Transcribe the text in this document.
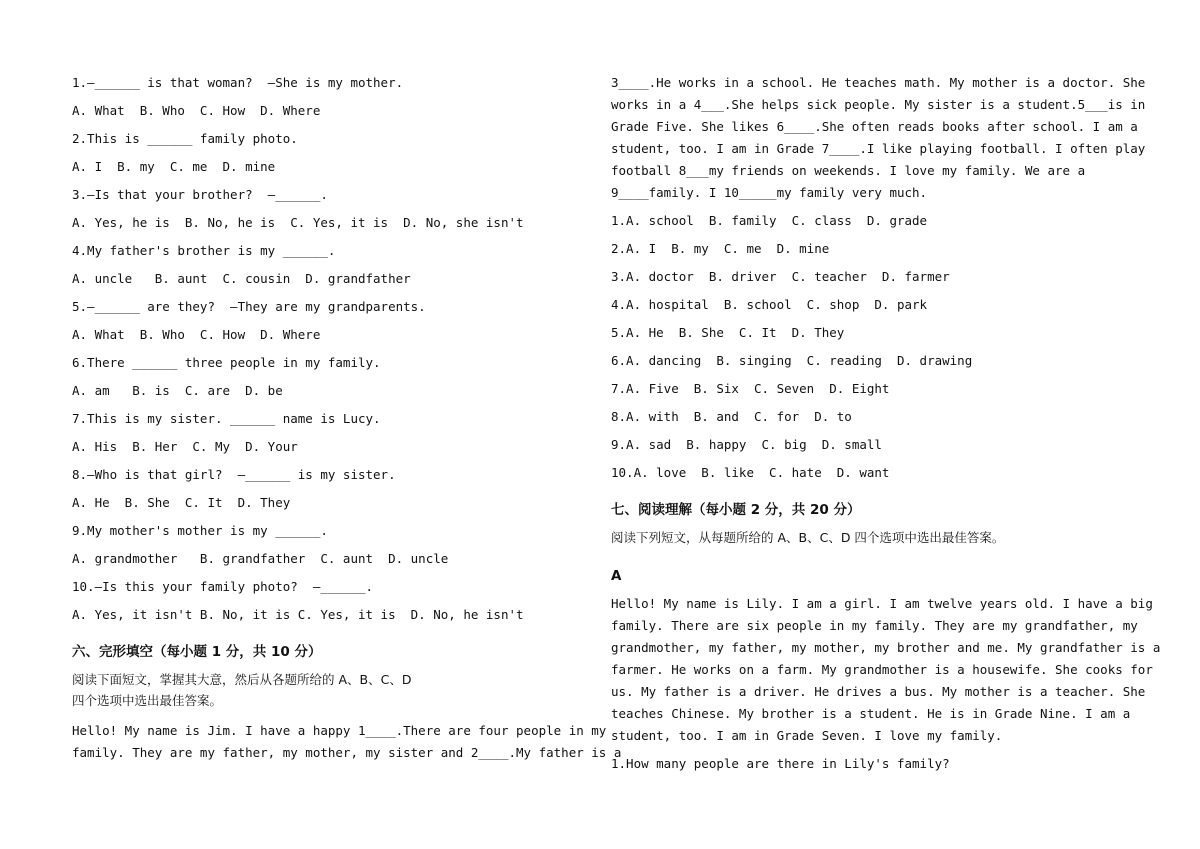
1.—______ is that woman?  —She is my mother.
A. What  B. Who  C. How  D. Where
2.This is ______ family photo.
A. I  B. my  C. me  D. mine
3.—Is that your brother?  —______.
A. Yes, he is  B. No, he is  C. Yes, it is  D. No, she isn't
4.My father's brother is my ______.
A. uncle   B. aunt  C. cousin  D. grandfather
5.—______ are they?  —They are my grandparents.
A. What  B. Who  C. How  D. Where
6.There ______ three people in my family.
A. am   B. is  C. are  D. be
7.This is my sister. ______ name is Lucy.
A. His  B. Her  C. My  D. Your
8.—Who is that girl?  —______ is my sister.
A. He  B. She  C. It  D. They
9.My mother's mother is my ______.
A. grandmother   B. grandfather  C. aunt  D. uncle
10.—Is this your family photo?  —______.
A. Yes, it isn't B. No, it is C. Yes, it is  D. No, he isn't
六、完形填空（每小题 1 分，共 10 分）
阅读下面短文，掌握其大意，然后从各题所给的 A、B、C、D
四个选项中选出最佳答案。
Hello! My name is Jim. I have a happy 1____.There are four people in my
family. They are my father, my mother, my sister and 2____.My father is a
3____.He works in a school. He teaches math. My mother is a doctor. She
works in a 4___.She helps sick people. My sister is a student.5___is in
Grade Five. She likes 6____.She often reads books after school. I am a
student, too. I am in Grade 7____.I like playing football. I often play
football 8___my friends on weekends. I love my family. We are a
9____family. I 10_____my family very much.
1.A. school  B. family  C. class  D. grade
2.A. I  B. my  C. me  D. mine
3.A. doctor  B. driver  C. teacher  D. farmer
4.A. hospital  B. school  C. shop  D. park
5.A. He  B. She  C. It  D. They
6.A. dancing  B. singing  C. reading  D. drawing
7.A. Five  B. Six  C. Seven  D. Eight
8.A. with  B. and  C. for  D. to
9.A. sad  B. happy  C. big  D. small
10.A. love  B. like  C. hate  D. want
七、阅读理解（每小题 2 分，共 20 分）
阅读下列短文，从每题所给的 A、B、C、D 四个选项中选出最佳答案。
A
Hello! My name is Lily. I am a girl. I am twelve years old. I have a big
family. There are six people in my family. They are my grandfather, my
grandmother, my father, my mother, my brother and me. My grandfather is a
farmer. He works on a farm. My grandmother is a housewife. She cooks for
us. My father is a driver. He drives a bus. My mother is a teacher. She
teaches Chinese. My brother is a student. He is in Grade Nine. I am a
student, too. I am in Grade Seven. I love my family.
1.How many people are there in Lily's family?
